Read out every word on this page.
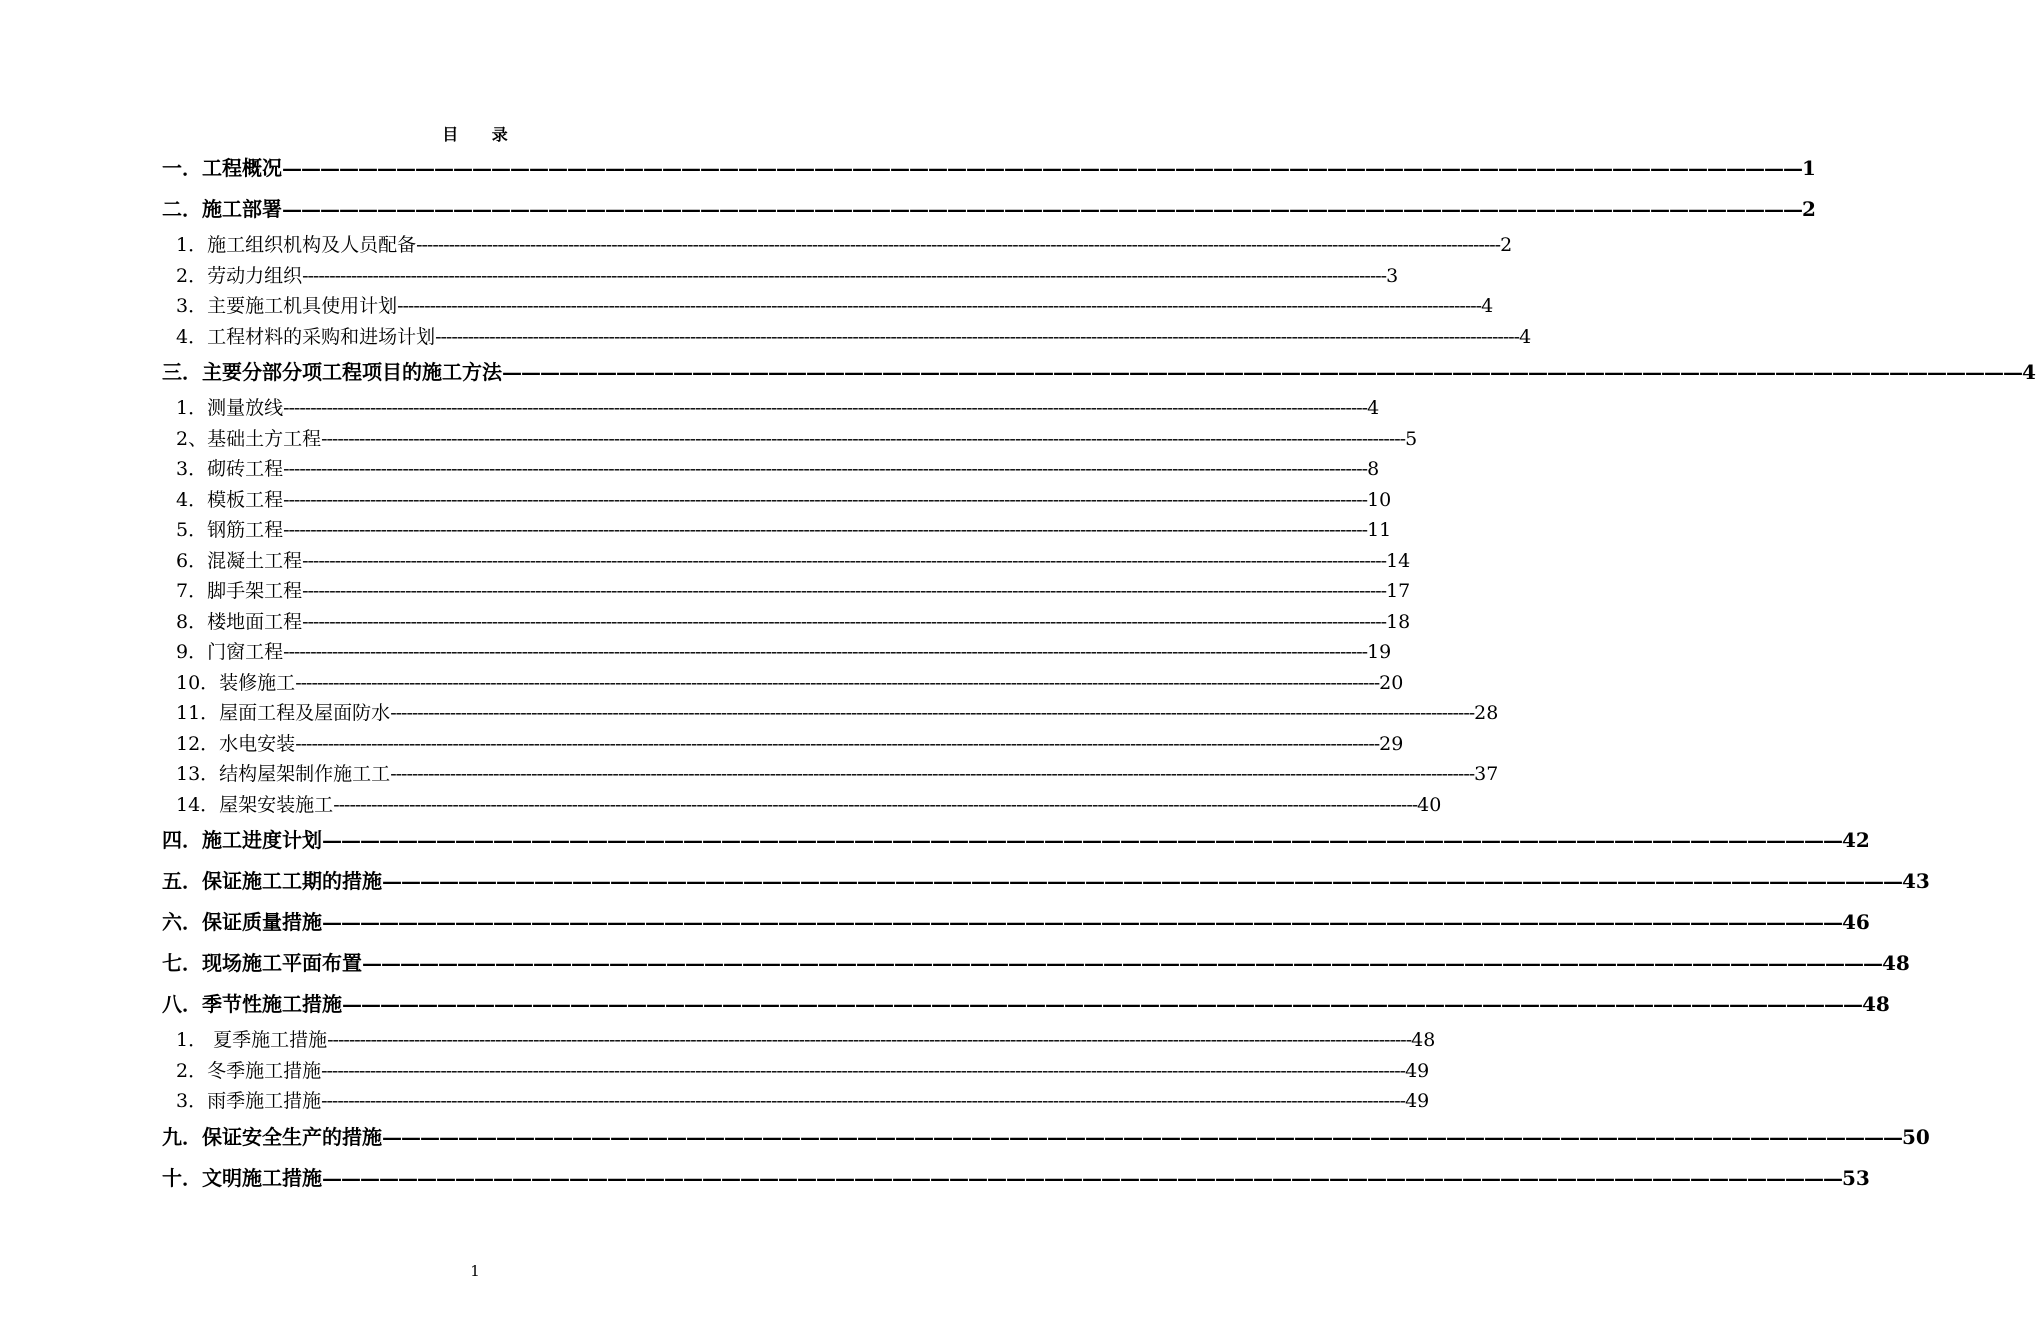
目 录
一．工程概况 ———————————————————————————————————————————————————————————————————————————————— 1
二．施工部署 ———————————————————————————————————————————————————————————————————————————————— 2
1．施工组织机构及人员配备 -------------------------------------------------------------------------------------------------------------------------------------------------------------------------------------------------------- 2
2．劳动力组织 -------------------------------------------------------------------------------------------------------------------------------------------------------------------------------------------------------- 3
3．主要施工机具使用计划 -------------------------------------------------------------------------------------------------------------------------------------------------------------------------------------------------------- 4
4．工程材料的采购和进场计划 -------------------------------------------------------------------------------------------------------------------------------------------------------------------------------------------------------- 4
三．主要分部分项工程项目的施工方法 ———————————————————————————————————————————————————————————————————————————————— 4
1．测量放线 -------------------------------------------------------------------------------------------------------------------------------------------------------------------------------------------------------- 4
2、基础土方工程 -------------------------------------------------------------------------------------------------------------------------------------------------------------------------------------------------------- 5
3．砌砖工程 -------------------------------------------------------------------------------------------------------------------------------------------------------------------------------------------------------- 8
4．模板工程 -------------------------------------------------------------------------------------------------------------------------------------------------------------------------------------------------------- 10
5．钢筋工程 -------------------------------------------------------------------------------------------------------------------------------------------------------------------------------------------------------- 11
6．混凝土工程 -------------------------------------------------------------------------------------------------------------------------------------------------------------------------------------------------------- 14
7．脚手架工程 -------------------------------------------------------------------------------------------------------------------------------------------------------------------------------------------------------- 17
8．楼地面工程 -------------------------------------------------------------------------------------------------------------------------------------------------------------------------------------------------------- 18
9．门窗工程 -------------------------------------------------------------------------------------------------------------------------------------------------------------------------------------------------------- 19
10．装修施工 -------------------------------------------------------------------------------------------------------------------------------------------------------------------------------------------------------- 20
11．屋面工程及屋面防水 -------------------------------------------------------------------------------------------------------------------------------------------------------------------------------------------------------- 28
12．水电安装 -------------------------------------------------------------------------------------------------------------------------------------------------------------------------------------------------------- 29
13．结构屋架制作施工工 -------------------------------------------------------------------------------------------------------------------------------------------------------------------------------------------------------- 37
14．屋架安装施工 -------------------------------------------------------------------------------------------------------------------------------------------------------------------------------------------------------- 40
四．施工进度计划 ———————————————————————————————————————————————————————————————————————————————— 42
五．保证施工工期的措施 ———————————————————————————————————————————————————————————————————————————————— 43
六．保证质量措施 ———————————————————————————————————————————————————————————————————————————————— 46
七．现场施工平面布置 ———————————————————————————————————————————————————————————————————————————————— 48
八．季节性施工措施 ———————————————————————————————————————————————————————————————————————————————— 48
1． 夏季施工措施 -------------------------------------------------------------------------------------------------------------------------------------------------------------------------------------------------------- 48
2．冬季施工措施 -------------------------------------------------------------------------------------------------------------------------------------------------------------------------------------------------------- 49
3．雨季施工措施 -------------------------------------------------------------------------------------------------------------------------------------------------------------------------------------------------------- 49
九．保证安全生产的措施 ———————————————————————————————————————————————————————————————————————————————— 50
十．文明施工措施 ———————————————————————————————————————————————————————————————————————————————— 53
1
